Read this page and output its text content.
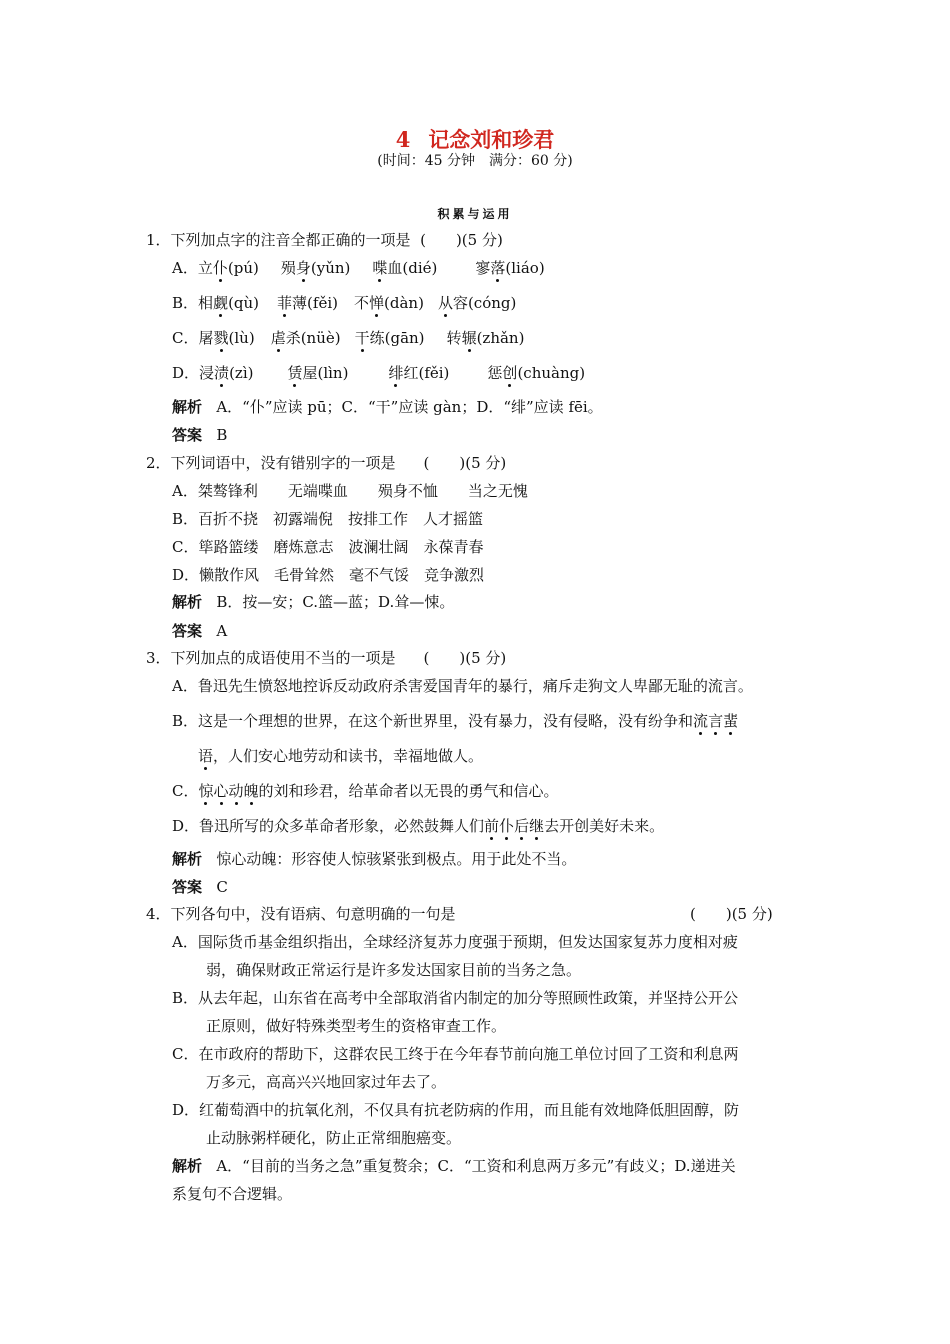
4 记念刘和珍君
(时间：45 分钟　满分：60 分)
积累与运用
1．下列加点字的注音全都正确的一项是 (　　)(5 分)
A．立仆(pú) 殒身(yǔn) 喋血(dié)	寥落(liáo)
B．相觑(qù) 菲薄(fěi) 不惮(dàn) 从容(cóng)
C．屠戮(lù) 虐杀(nüè) 干练(gān) 转辗(zhǎn)
D．浸渍(zì) 赁屋(lìn)	绯红(fěi)	惩创(chuàng)
解析 A．“仆”应读 pū；C．“干”应读 gàn；D．“绯”应读 fēi。
答案 B
2．下列词语中，没有错别字的一项是 (　　)(5 分)
A．桀骜锋利　　无端喋血　　殒身不恤　　当之无愧
B．百折不挠　初露端倪　按排工作　人才摇篮
C．筚路篮缕　磨炼意志　波澜壮阔　永葆青春
D．懒散作风　毛骨耸然　毫不气馁　竞争激烈
解析 B．按—安；C.篮—蓝；D.耸—悚。
答案 A
3．下列加点的成语使用不当的一项是 (　　)(5 分)
A．鲁迅先生愤怒地控诉反动政府杀害爱国青年的暴行，痛斥走狗文人卑鄙无耻的流言。
B．这是一个理想的世界，在这个新世界里，没有暴力，没有侵略，没有纷争和流言蜚
语，人们安心地劳动和读书，幸福地做人。
C．惊心动魄的刘和珍君，给革命者以无畏的勇气和信心。
D．鲁迅所写的众多革命者形象，必然鼓舞人们前仆后继去开创美好未来。
解析 惊心动魄：形容使人惊骇紧张到极点。用于此处不当。
答案 C
4．下列各句中，没有语病、句意明确的一句是	(　　)(5 分)
A．国际货币基金组织指出，全球经济复苏力度强于预期，但发达国家复苏力度相对疲
弱，确保财政正常运行是许多发达国家目前的当务之急。
B．从去年起，山东省在高考中全部取消省内制定的加分等照顾性政策，并坚持公开公
正原则，做好特殊类型考生的资格审查工作。
C．在市政府的帮助下，这群农民工终于在今年春节前向施工单位讨回了工资和利息两
万多元，高高兴兴地回家过年去了。
D．红葡萄酒中的抗氧化剂，不仅具有抗老防病的作用，而且能有效地降低胆固醇，防
止动脉粥样硬化，防止正常细胞癌变。
解析 A．“目前的当务之急”重复赘余；C．“工资和利息两万多元”有歧义；D.递进关
系复句不合逻辑。
